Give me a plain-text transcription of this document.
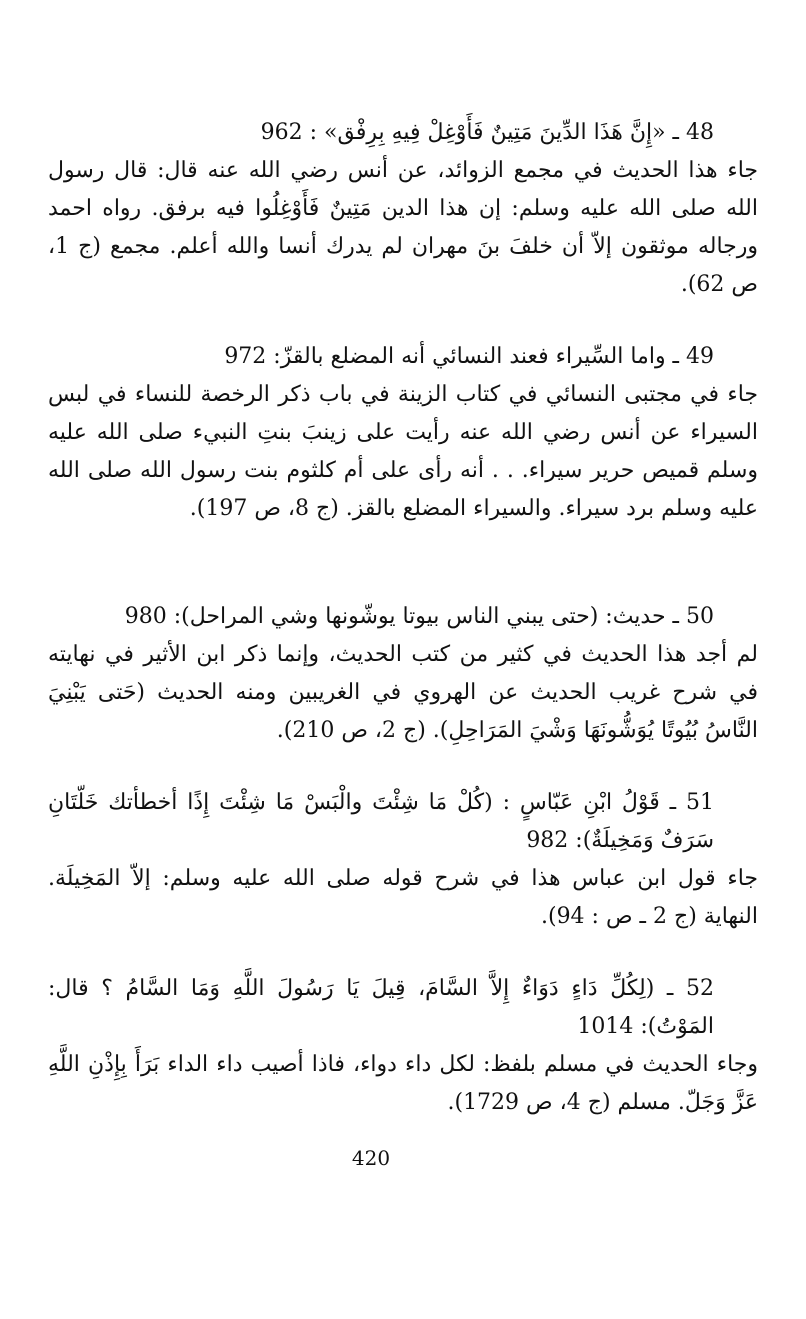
48 ـ «إِنَّ هَذَا الدِّينَ مَتِينٌ فَأَوْغِلْ فِيهِ بِرِفْق» : 962

جاء هذا الحديث في مجمع الزوائد، عن أنس رضي الله عنه قال: قال رسول الله صلى الله عليه وسلم: إن هذا الدين مَتِينٌ فَأَوْغِلُوا فيه برفق. رواه احمد ورجاله موثقون إلاّ أن خلفَ بنَ مهران لم يدرك أنسا والله أعلم. مجمع (ج 1، ص 62).

49 ـ واما السِّيراء فعند النسائي أنه المضلع بالقزّ: 972

جاء في مجتبى النسائي في كتاب الزينة في باب ذكر الرخصة للنساء في لبس السيراء عن أنس رضي الله عنه رأيت على زينبَ بنتِ النبيء صلى الله عليه وسلم قميص حرير سيراء. . . أنه رأى على أم كلثوم بنت رسول الله صلى الله عليه وسلم برد سيراء. والسيراء المضلع بالقز. (ج 8، ص 197).

50 ـ حديث: (حتى يبني الناس بيوتا يوشّونها وشي المراحل): 980

لم أجد هذا الحديث في كثير من كتب الحديث، وإنما ذكر ابن الأثير في نهايته في شرح غريب الحديث عن الهروي في الغريبين ومنه الحديث (حَتى يَبْنِيَ النَّاسُ بُيُوتًا يُوَشُّونَهَا وَشْيَ المَرَاحِلِ). (ج 2، ص 210).

51 ـ قَوْلُ ابْنِ عَبّاسٍ : (كُلْ مَا شِئْتَ والْبَسْ مَا شِئْتَ إِذًا أخطأتك خَلّتَانِ سَرَفٌ وَمَخِيلَةٌ): 982

جاء قول ابن عباس هذا في شرح قوله صلى الله عليه وسلم: إلاّ المَخِيلَة. النهاية (ج 2 ـ ص : 94).

52 ـ (لِكُلِّ دَاءٍ دَوَاءٌ إِلاَّ السَّامَ، قِيلَ يَا رَسُولَ اللَّهِ وَمَا السَّامُ ؟ قال: المَوْتُ): 1014

وجاء الحديث في مسلم بلفظ: لكل داء دواء، فاذا أصيب داء الداء بَرَأَ بِإِذْنِ اللَّهِ عَزَّ وَجَلّ. مسلم (ج 4، ص 1729).

420
